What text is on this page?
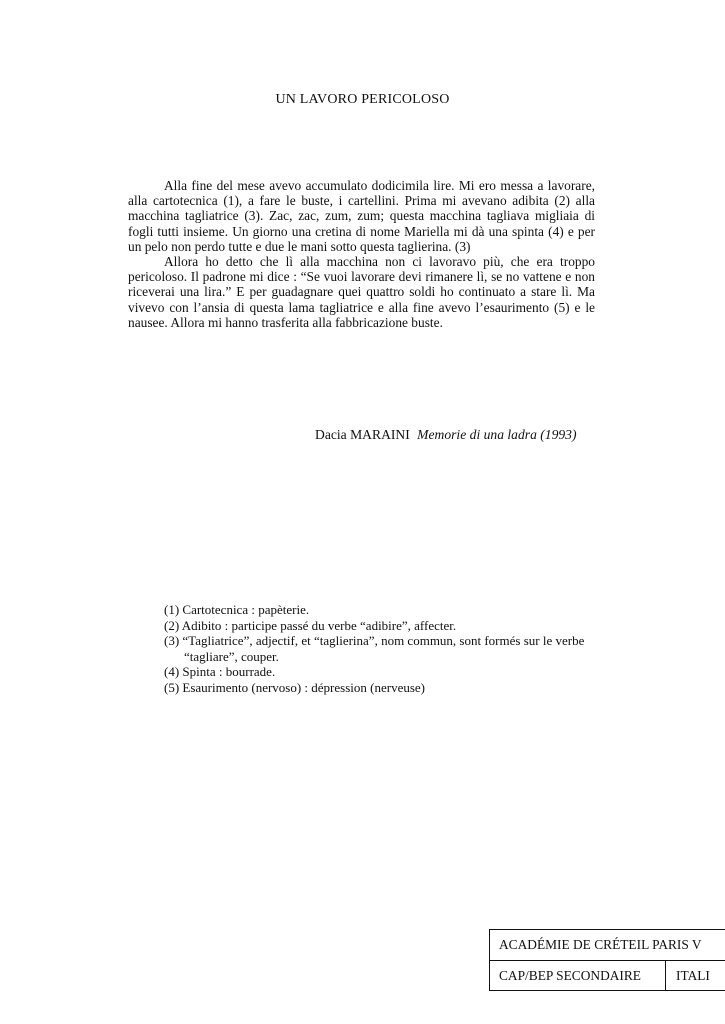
UN LAVORO PERICOLOSO

Alla fine del mese avevo accumulato dodicimila lire. Mi ero messa a lavorare, alla cartotecnica (1), a fare le buste, i cartellini. Prima mi avevano adibita (2) alla macchina tagliatrice (3). Zac, zac, zum, zum; questa macchina tagliava migliaia di fogli tutti insieme. Un giorno una cretina di nome Mariella mi dà una spinta (4) e per un pelo non perdo tutte e due le mani sotto questa taglierina. (3)

Allora ho detto che lì alla macchina non ci lavoravo più, che era troppo pericoloso. Il padrone mi dice : “Se vuoi lavorare devi rimanere lì, se no vattene e non riceverai una lira.” E per guadagnare quei quattro soldi ho continuato a stare lì. Ma vivevo con l’ansia di questa lama tagliatrice e alla fine avevo l’esaurimento (5) e le nausee. Allora mi hanno trasferita alla fabbricazione buste.

Dacia MARAINI Memorie di una ladra (1993)
(1) Cartotecnica : papèterie.
(2) Adibito : participe passé du verbe “adibire”, affecter.
(3) “Tagliatrice”, adjectif, et “taglierina”, nom commun, sont formés sur le verbe “tagliare”, couper.
(4) Spinta : bourrade.
(5) Esaurimento (nervoso) : dépression (nerveuse)
ACADÉMIE DE CRÉTEIL PARIS V
CAP/BEP SECONDAIRE	ITALI
